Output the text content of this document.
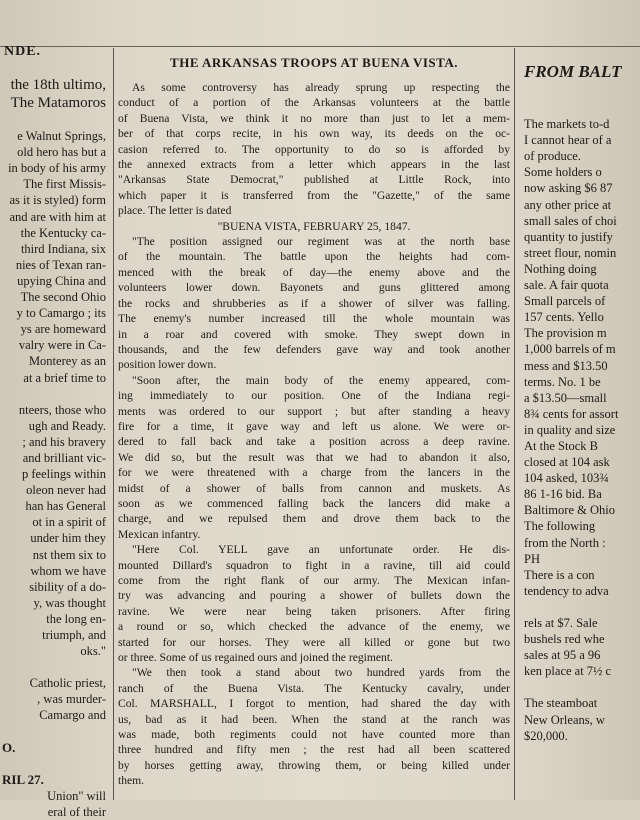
NDE.
the 18th ultimo,
The Matamoros

e Walnut Springs,
old hero has but a
in body of his army
The first Missis-
as it is styled) form
and are with him at
the Kentucky ca-
third Indiana, six
nies of Texan ran-
upying China and
The second Ohio
y to Camargo ; its
ys are homeward
valry were in Ca-
Monterey as an
at a brief time to

nteers, those who
ugh and Ready.
; and his bravery
and brilliant vic-
p feelings within
oleon never had
han has General
ot in a spirit of
under him they
nst them six to
whom we have
sibility of a do-
y, was thought
the long en-
triumph, and
oks."

Catholic priest,
, was murder-
Camargo and

O.

RIL 27.
Union" will
eral of their
THE ARKANSAS TROOPS AT BUENA VISTA.
As some controversy has already sprung up respecting the
conduct of a portion of the Arkansas volunteers at the battle
of Buena Vista, we think it no more than just to let a mem-
ber of that corps recite, in his own way, its deeds on the oc-
casion referred to. The opportunity to do so is afforded by
the annexed extracts from a letter which appears in the last
"Arkansas State Democrat," published at Little Rock, into
which paper it is transferred from the "Gazette," of the same
place. The letter is dated
"BUENA VISTA, FEBRUARY 25, 1847.
"The position assigned our regiment was at the north base
of the mountain. The battle upon the heights had com-
menced with the break of day—the enemy above and the
volunteers lower down. Bayonets and guns glittered among
the rocks and shrubberies as if a shower of silver was falling.
The enemy's number increased till the whole mountain was
in a roar and covered with smoke. They swept down in
thousands, and the few defenders gave way and took another
position lower down.
"Soon after, the main body of the enemy appeared, com-
ing immediately to our position. One of the Indiana regi-
ments was ordered to our support ; but after standing a heavy
fire for a time, it gave way and left us alone. We were or-
dered to fall back and take a position across a deep ravine.
We did so, but the result was that we had to abandon it also,
for we were threatened with a charge from the lancers in the
midst of a shower of balls from cannon and muskets. As
soon as we commenced falling back the lancers did make a
charge, and we repulsed them and drove them back to the
Mexican infantry.
"Here Col. YELL gave an unfortunate order. He dis-
mounted Dillard's squadron to fight in a ravine, till aid could
come from the right flank of our army. The Mexican infan-
try was advancing and pouring a shower of bullets down the
ravine. We were near being taken prisoners. After firing
a round or so, which checked the advance of the enemy, we
started for our horses. They were all killed or gone but two
or three. Some of us regained ours and joined the regiment.
"We then took a stand about two hundred yards from the
ranch of the Buena Vista. The Kentucky cavalry, under
Col. MARSHALL, I forgot to mention, had shared the day with
us, bad as it had been. When the stand at the ranch was
was made, both regiments could not have counted more than
three hundred and fifty men ; the rest had all been scattered
by horses getting away, throwing them, or being killed under
them.
FROM BALT

The markets to-d
I cannot hear of a
of produce.
Some holders o
now asking $6 87
any other price at
small sales of choi
quantity to justify
street flour, nomin
Nothing doing
sale. A fair quota
Small parcels of
157 cents. Yello
The provision m
1,000 barrels of m
mess and $13.50
terms. No. 1 be
a $13.50—small
8¾ cents for assort
in quality and size
At the Stock B
closed at 104 ask
104 asked, 103¾
86 1-16 bid. Ba
Baltimore & Ohio
The following
from the North :
PH
There is a con
tendency to adva

rels at $7. Sale
bushels red whe
sales at 95 a 96
ken place at 7½ c

The steamboat
New Orleans, w
$20,000.
